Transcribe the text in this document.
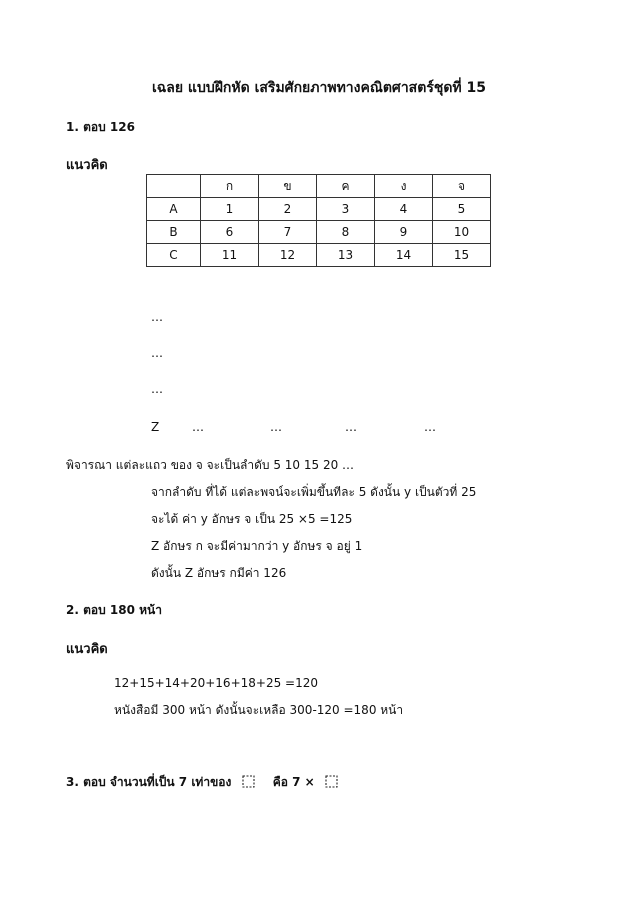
เฉลย แบบฝึกหัด เสริมศักยภาพทางคณิตศาสตร์ชุดที่ 15
1. ตอบ 126
แนวคิด
	ก	ข	ค	ง	จ
A	1	2	3	4	5
B	6	7	8	9	10
C	11	12	13	14	15
…
…
…
Z	…	…	…	…
พิจารณา แต่ละแถว ของ จ จะเป็นลำดับ 5 10 15 20 …
จากลำดับ ที่ได้ แต่ละพจน์จะเพิ่มขึ้นทีละ 5 ดังนั้น y เป็นตัวที่ 25
จะได้ ค่า y อักษร จ เป็น 25 ×5 =125
Z อักษร ก จะมีค่ามากว่า y อักษร จ อยู่ 1
ดังนั้น Z อักษร กมีค่า 126
2. ตอบ 180 หน้า
แนวคิด
12+15+14+20+16+18+25 =120
หนังสือมี 300 หน้า ดังนั้นจะเหลือ 300-120 =180 หน้า
3. ตอบ จำนวนที่เป็น 7 เท่าของ	คือ 7 ×
